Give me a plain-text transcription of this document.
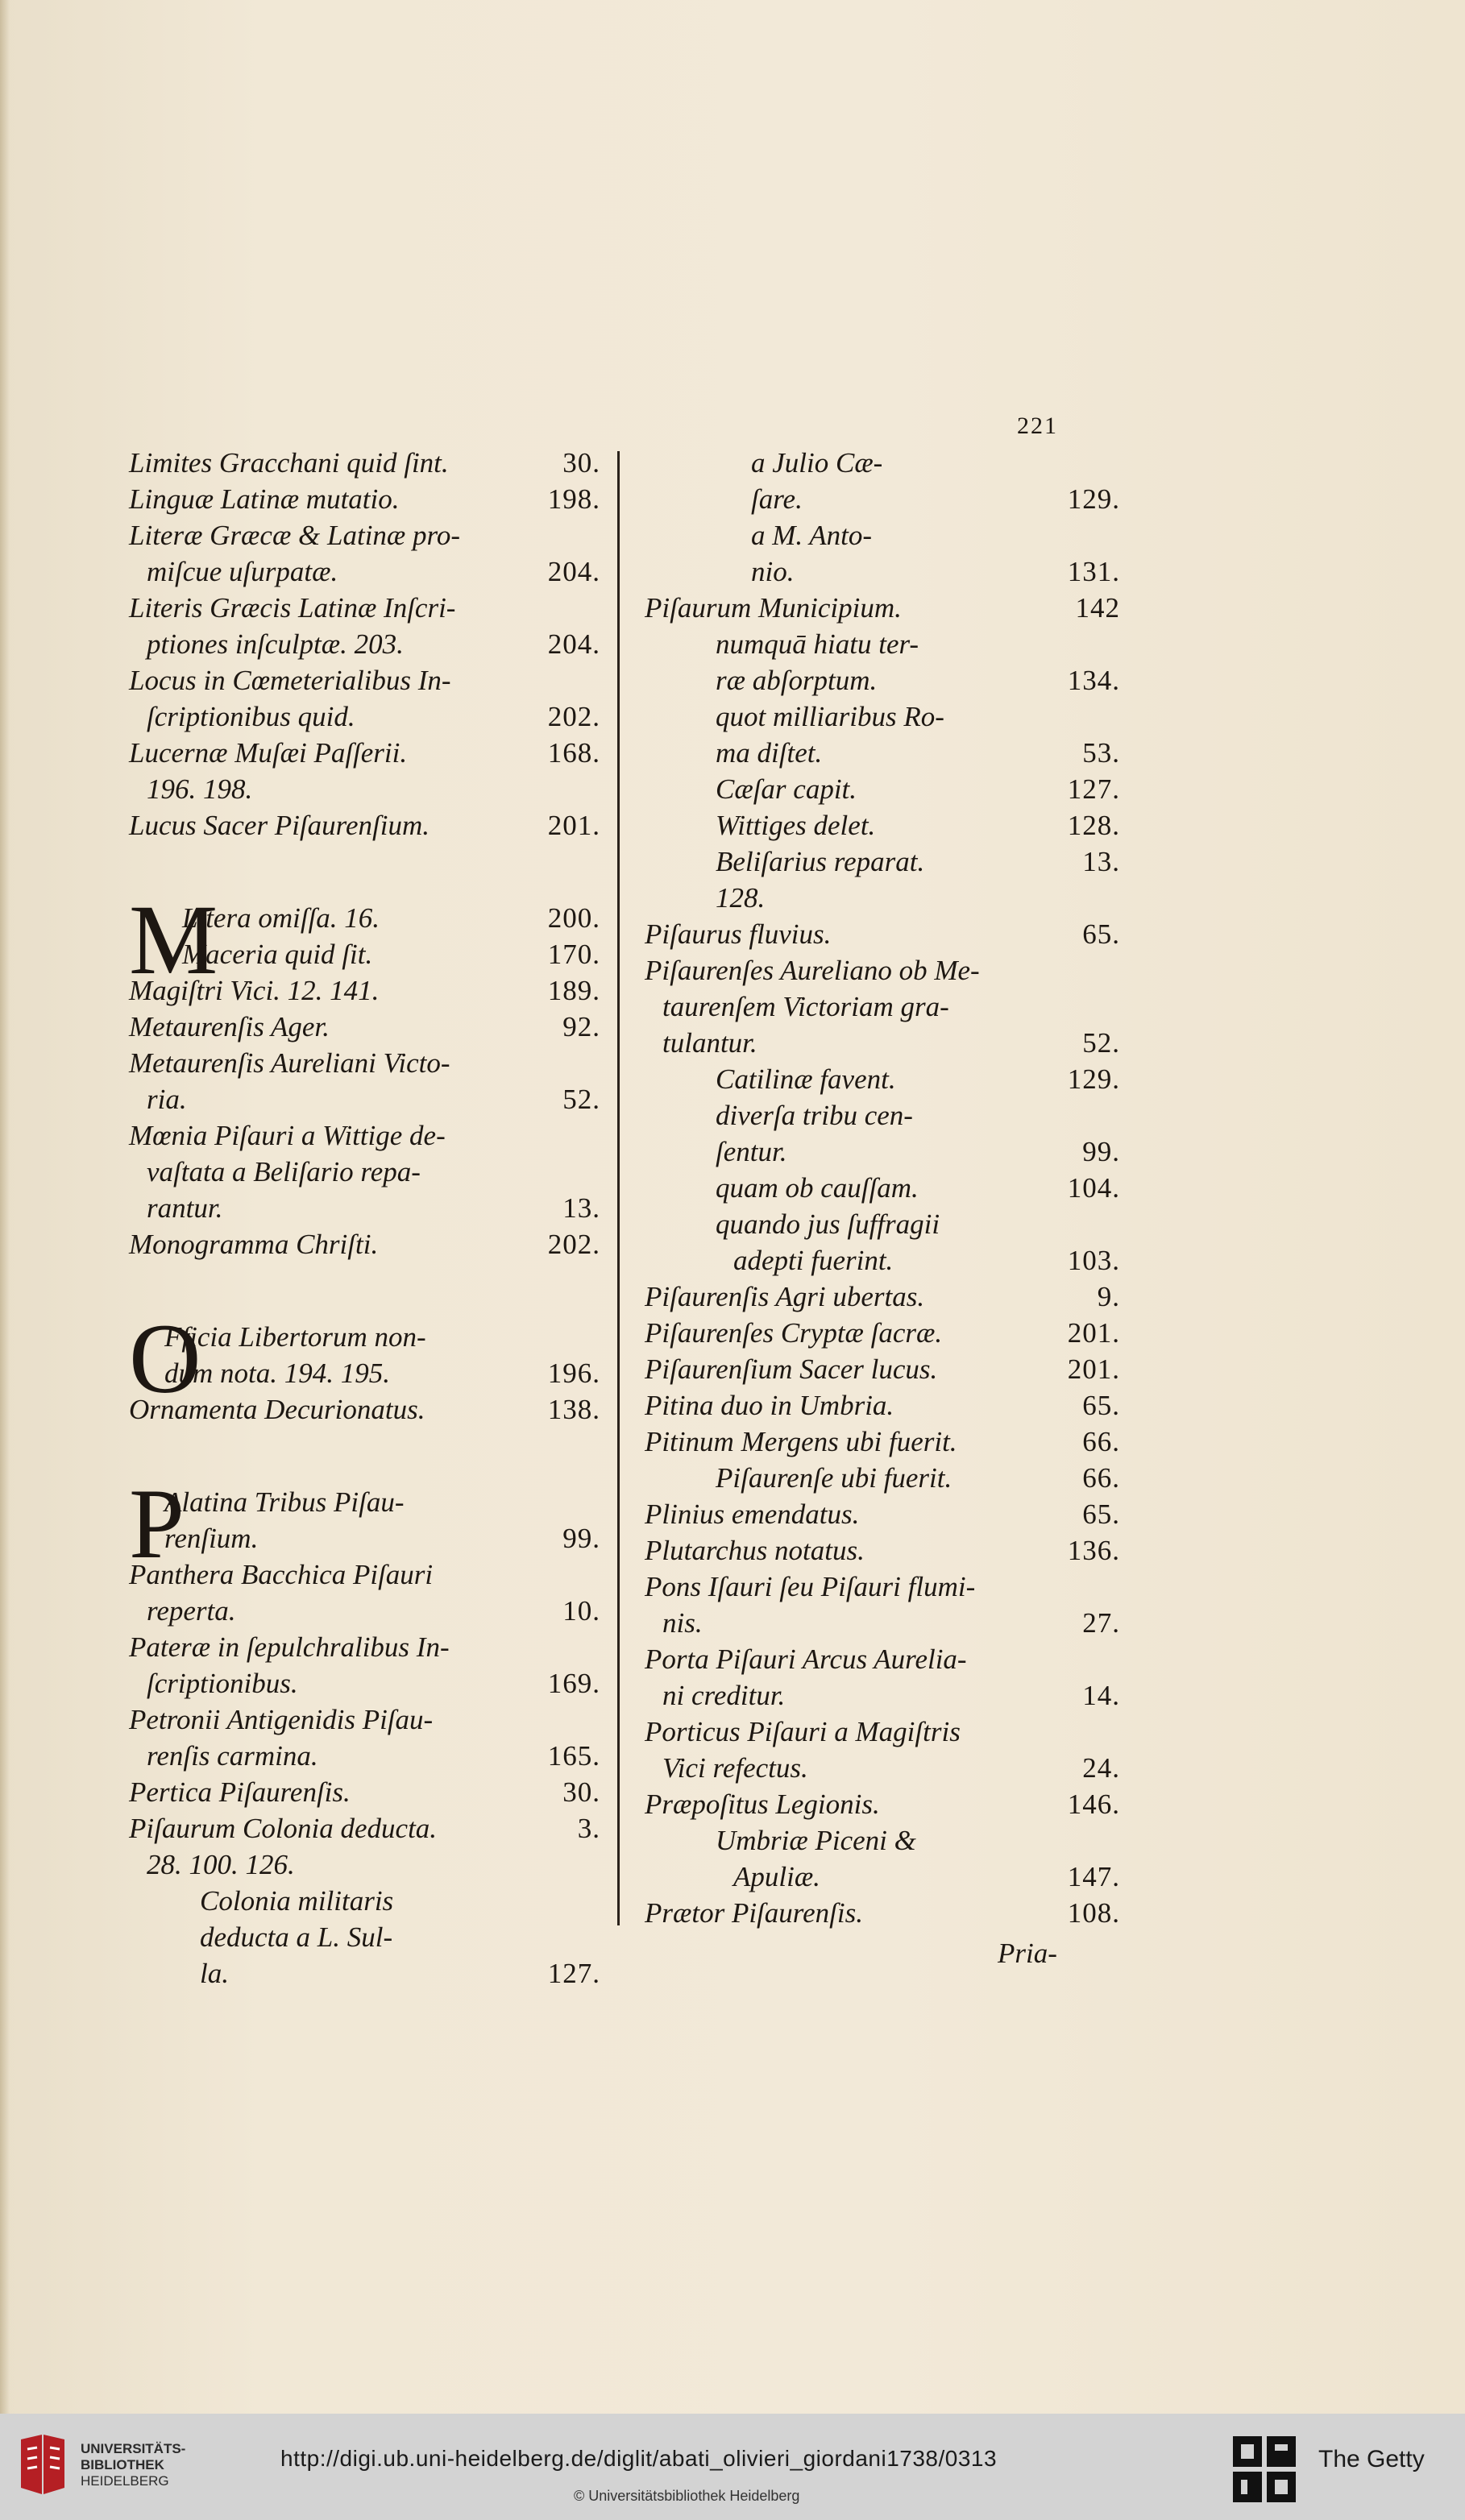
221
Limites Gracchani quid ſint.	30.
Linguæ Latinæ mutatio.	198.
Literæ Græcæ & Latinæ pro-
miſcue uſurpatæ.	204.
Literis Græcis Latinæ Inſcri-
ptiones inſculptæ. 203.	204.
Locus in Cœmeterialibus In-
ſcriptionibus quid.	202.
Lucernæ Muſæi Paſſerii.	168.
196. 198.
Lucus Sacer Piſaurenſium.	201.
M
Litera omiſſa. 16.	200.
Maceria quid ſit.	170.
Magiſtri Vici. 12. 141.	189.
Metaurenſis Ager.	92.
Metaurenſis Aureliani Victo-
ria.	52.
Mœnia Piſauri a Wittige de-
vaſtata a Beliſario repa-
rantur.	13.
Monogramma Chriſti.	202.
O
Fficia Libertorum non-
dum nota. 194. 195.	196.
Ornamenta Decurionatus.	138.
P
Alatina Tribus Piſau-
renſium.	99.
Panthera Bacchica Piſauri
reperta.	10.
Pateræ in ſepulchralibus In-
ſcriptionibus.	169.
Petronii Antigenidis Piſau-
renſis carmina.	165.
Pertica Piſaurenſis.	30.
Piſaurum Colonia deducta.	3.
28. 100. 126.
Colonia militaris
deducta a L. Sul-
la.	127.
a Julio Cæ-
ſare.	129.
a M. Anto-
nio.	131.
Piſaurum Municipium.	142
numquā hiatu ter-
ræ abſorptum.	134.
quot milliaribus Ro-
ma diſtet.	53.
Cæſar capit.	127.
Wittiges delet.	128.
Beliſarius reparat.	13.
128.
Piſaurus fluvius.	65.
Piſaurenſes Aureliano ob Me-
taurenſem Victoriam gra-
tulantur.	52.
Catilinæ favent.	129.
diverſa tribu cen-
ſentur.	99.
quam ob cauſſam.	104.
quando jus ſuffragii
adepti fuerint.	103.
Piſaurenſis Agri ubertas.	9.
Piſaurenſes Cryptæ ſacræ.	201.
Piſaurenſium Sacer lucus.	201.
Pitina duo in Umbria.	65.
Pitinum Mergens ubi fuerit.	66.
Piſaurenſe ubi fuerit.	66.
Plinius emendatus.	65.
Plutarchus notatus.	136.
Pons Iſauri ſeu Piſauri flumi-
nis.	27.
Porta Piſauri Arcus Aurelia-
ni creditur.	14.
Porticus Piſauri a Magiſtris
Vici refectus.	24.
Præpoſitus Legionis.	146.
Umbriæ Piceni &
Apuliæ.	147.
Prætor Piſaurenſis.	108.
Pria-
UNIVERSITÄTS-
BIBLIOTHEK
HEIDELBERG
http://digi.ub.uni-heidelberg.de/diglit/abati_olivieri_giordani1738/0313
© Universitätsbibliothek Heidelberg
The Getty
